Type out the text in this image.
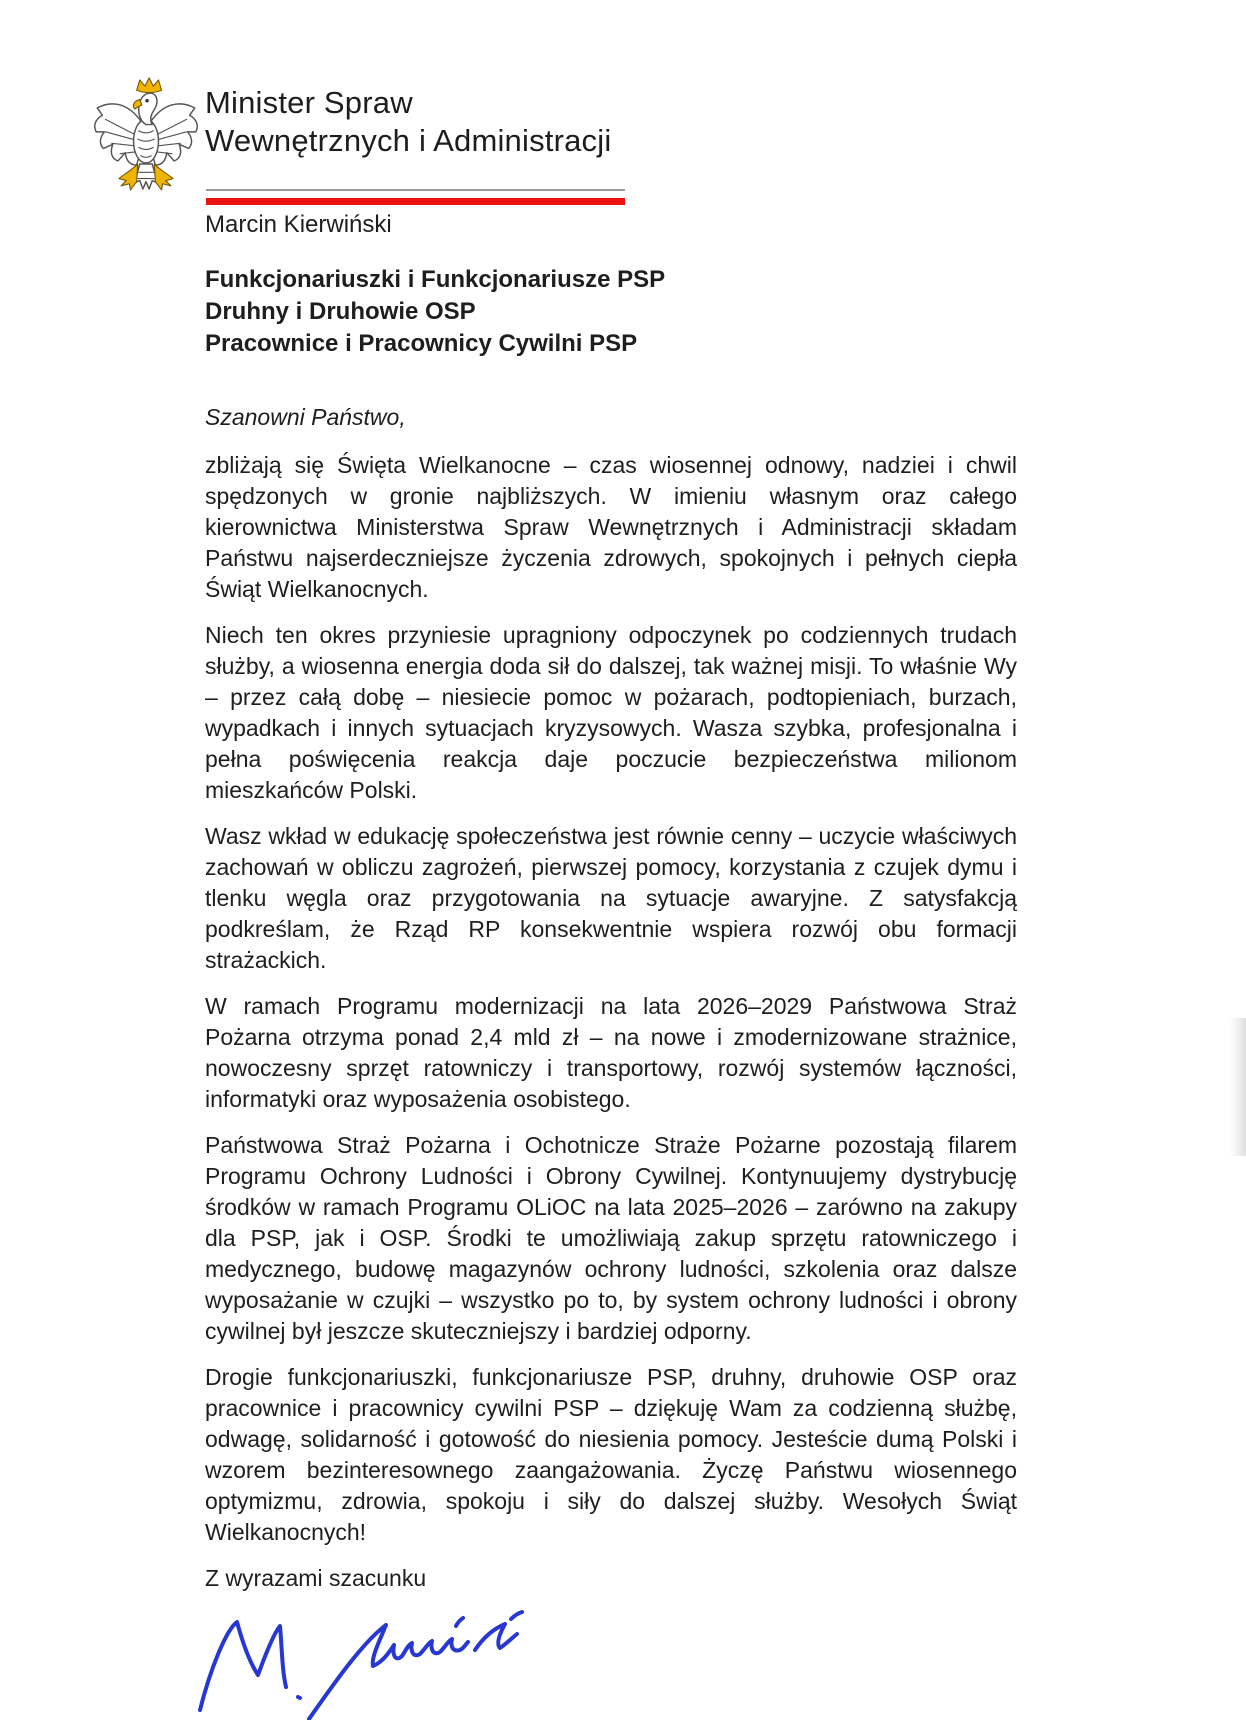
Minister Spraw
Wewnętrznych i Administracji

Marcin Kierwiński

Funkcjonariuszki i Funkcjonariusze PSP
Druhny i Druhowie OSP
Pracownice i Pracownicy Cywilni PSP

Szanowni Państwo,

zbliżają się Święta Wielkanocne – czas wiosennej odnowy, nadziei i chwil spędzonych w gronie najbliższych. W imieniu własnym oraz całego kierownictwa Ministerstwa Spraw Wewnętrznych i Administracji składam Państwu najserdeczniejsze życzenia zdrowych, spokojnych i pełnych ciepła Świąt Wielkanocnych.

Niech ten okres przyniesie upragniony odpoczynek po codziennych trudach służby, a wiosenna energia doda sił do dalszej, tak ważnej misji. To właśnie Wy – przez całą dobę – niesiecie pomoc w pożarach, podtopieniach, burzach, wypadkach i innych sytuacjach kryzysowych. Wasza szybka, profesjonalna i pełna poświęcenia reakcja daje poczucie bezpieczeństwa milionom mieszkańców Polski.

Wasz wkład w edukację społeczeństwa jest równie cenny – uczycie właściwych zachowań w obliczu zagrożeń, pierwszej pomocy, korzystania z czujek dymu i tlenku węgla oraz przygotowania na sytuacje awaryjne. Z satysfakcją podkreślam, że Rząd RP konsekwentnie wspiera rozwój obu formacji strażackich.

W ramach Programu modernizacji na lata 2026–2029 Państwowa Straż Pożarna otrzyma ponad 2,4 mld zł – na nowe i zmodernizowane strażnice, nowoczesny sprzęt ratowniczy i transportowy, rozwój systemów łączności, informatyki oraz wyposażenia osobistego.

Państwowa Straż Pożarna i Ochotnicze Straże Pożarne pozostają filarem Programu Ochrony Ludności i Obrony Cywilnej. Kontynuujemy dystrybucję środków w ramach Programu OLiOC na lata 2025–2026 – zarówno na zakupy dla PSP, jak i OSP. Środki te umożliwiają zakup sprzętu ratowniczego i medycznego, budowę magazynów ochrony ludności, szkolenia oraz dalsze wyposażanie w czujki – wszystko po to, by system ochrony ludności i obrony cywilnej był jeszcze skuteczniejszy i bardziej odporny.

Drogie funkcjonariuszki, funkcjonariusze PSP, druhny, druhowie OSP oraz pracownice i pracownicy cywilni PSP – dziękuję Wam za codzienną służbę, odwagę, solidarność i gotowość do niesienia pomocy. Jesteście dumą Polski i wzorem bezinteresownego zaangażowania. Życzę Państwu wiosennego optymizmu, zdrowia, spokoju i siły do dalszej służby. Wesołych Świąt Wielkanocnych!

Z wyrazami szacunku
